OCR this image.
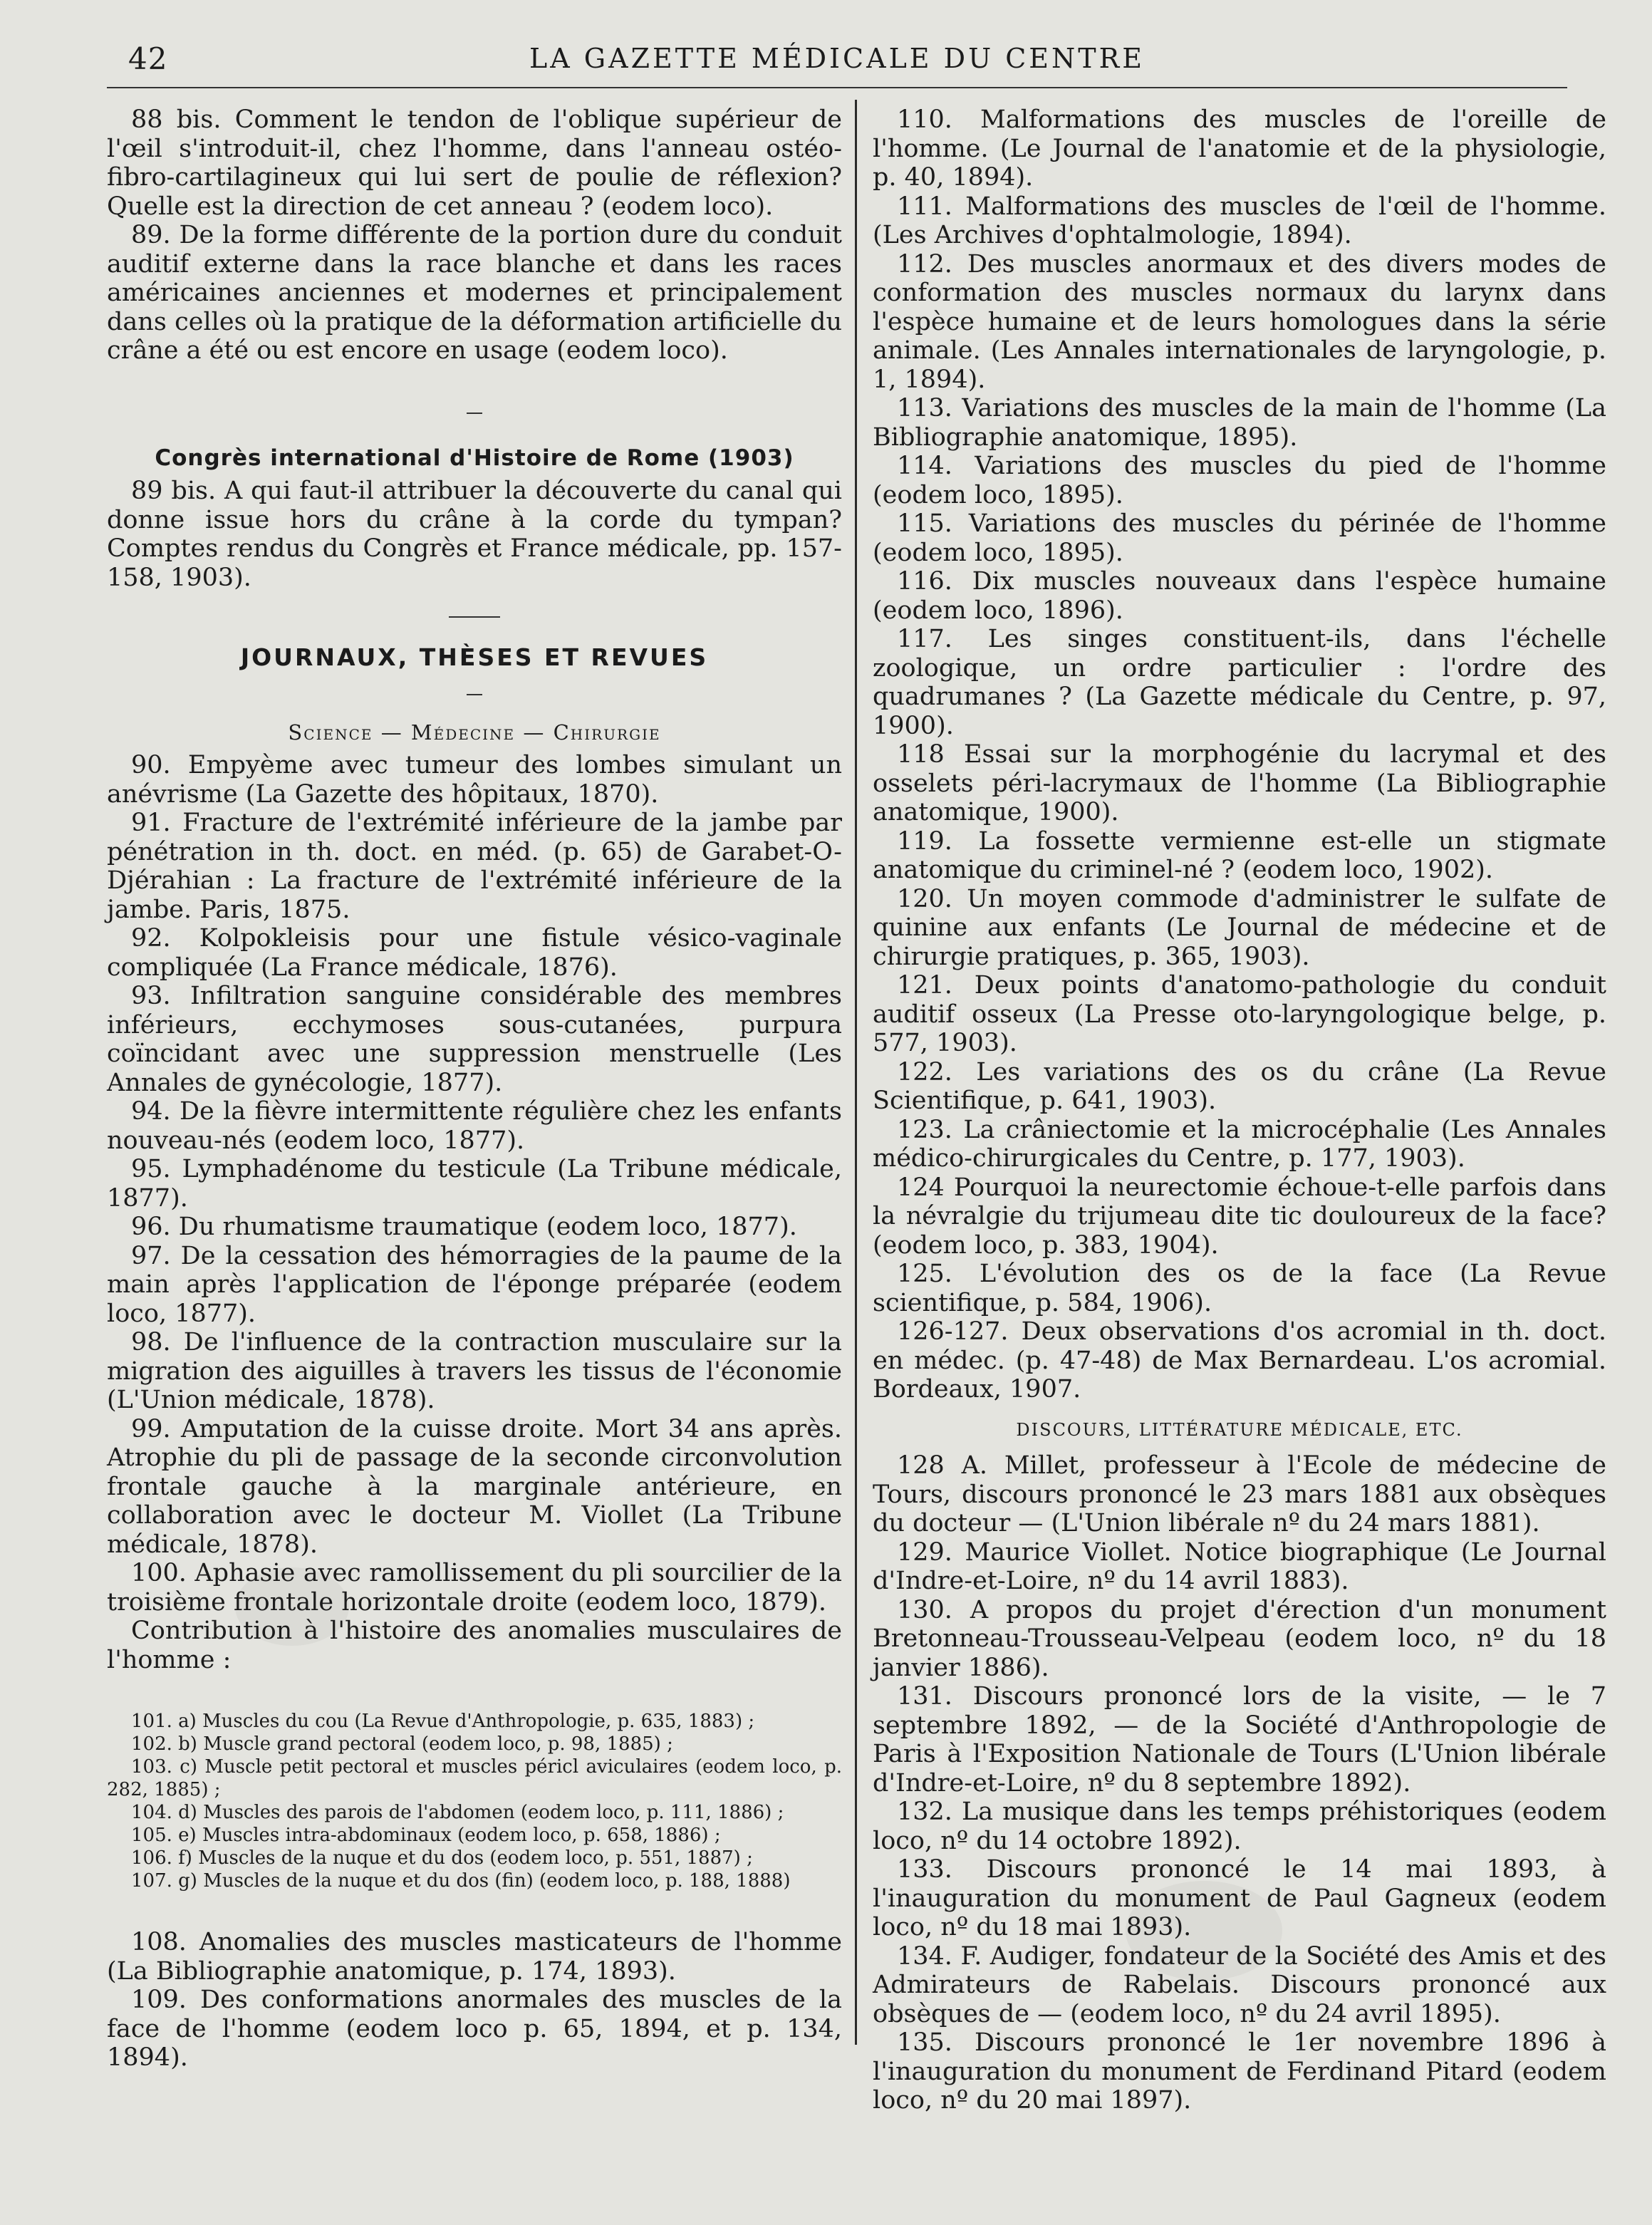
42	LA GAZETTE MÉDICALE DU CENTRE

88 bis. Comment le tendon de l'oblique supérieur de l'œil s'introduit-il, chez l'homme, dans l'anneau ostéo-fibro-cartilagineux qui lui sert de poulie de réflexion? Quelle est la direction de cet anneau ? (eodem loco).

89. De la forme différente de la portion dure du conduit auditif externe dans la race blanche et dans les races américaines anciennes et modernes et principalement dans celles où la pratique de la déformation artificielle du crâne a été ou est encore en usage (eodem loco).

Congrès international d'Histoire de Rome (1903)

89 bis. A qui faut-il attribuer la découverte du canal qui donne issue hors du crâne à la corde du tympan? Comptes rendus du Congrès et France médicale, pp. 157-158, 1903).

JOURNAUX, THÈSES ET REVUES
Science — Médecine — Chirurgie

90. Empyème avec tumeur des lombes simulant un anévrisme (La Gazette des hôpitaux, 1870).

91. Fracture de l'extrémité inférieure de la jambe par pénétration in th. doct. en méd. (p. 65) de Garabet-O-Djérahian : La fracture de l'extrémité inférieure de la jambe. Paris, 1875.

92. Kolpokleisis pour une fistule vésico-vaginale compliquée (La France médicale, 1876).

93. Infiltration sanguine considérable des membres inférieurs, ecchymoses sous-cutanées, purpura coïncidant avec une suppression menstruelle (Les Annales de gynécologie, 1877).

94. De la fièvre intermittente régulière chez les enfants nouveau-nés (eodem loco, 1877).

95. Lymphadénome du testicule (La Tribune médicale, 1877).

96. Du rhumatisme traumatique (eodem loco, 1877).

97. De la cessation des hémorragies de la paume de la main après l'application de l'éponge préparée (eodem loco, 1877).

98. De l'influence de la contraction musculaire sur la migration des aiguilles à travers les tissus de l'économie (L'Union médicale, 1878).

99. Amputation de la cuisse droite. Mort 34 ans après. Atrophie du pli de passage de la seconde circonvolution frontale gauche à la marginale antérieure, en collaboration avec le docteur M. Viollet (La Tribune médicale, 1878).

100. Aphasie avec ramollissement du pli sourcilier de la troisième frontale horizontale droite (eodem loco, 1879).

Contribution à l'histoire des anomalies musculaires de l'homme :

101. a) Muscles du cou (La Revue d'Anthropologie, p. 635, 1883) ;

102. b) Muscle grand pectoral (eodem loco, p. 98, 1885) ;

103. c) Muscle petit pectoral et muscles péricl aviculaires (eodem loco, p. 282, 1885) ;

104. d) Muscles des parois de l'abdomen (eodem loco, p. 111, 1886) ;

105. e) Muscles intra-abdominaux (eodem loco, p. 658, 1886) ;

106. f) Muscles de la nuque et du dos (eodem loco, p. 551, 1887) ;

107. g) Muscles de la nuque et du dos (fin) (eodem loco, p. 188, 1888)

108. Anomalies des muscles masticateurs de l'homme (La Bibliographie anatomique, p. 174, 1893).

109. Des conformations anormales des muscles de la face de l'homme (eodem loco p. 65, 1894, et p. 134, 1894).

110. Malformations des muscles de l'oreille de l'homme. (Le Journal de l'anatomie et de la physiologie, p. 40, 1894).

111. Malformations des muscles de l'œil de l'homme. (Les Archives d'ophtalmologie, 1894).

112. Des muscles anormaux et des divers modes de conformation des muscles normaux du larynx dans l'espèce humaine et de leurs homologues dans la série animale. (Les Annales internationales de laryngologie, p. 1, 1894).

113. Variations des muscles de la main de l'homme (La Bibliographie anatomique, 1895).

114. Variations des muscles du pied de l'homme (eodem loco, 1895).

115. Variations des muscles du périnée de l'homme (eodem loco, 1895).

116. Dix muscles nouveaux dans l'espèce humaine (eodem loco, 1896).

117. Les singes constituent-ils, dans l'échelle zoologique, un ordre particulier : l'ordre des quadrumanes ? (La Gazette médicale du Centre, p. 97, 1900).

118 Essai sur la morphogénie du lacrymal et des osselets péri-lacrymaux de l'homme (La Bibliographie anatomique, 1900).

119. La fossette vermienne est-elle un stigmate anatomique du criminel-né ? (eodem loco, 1902).

120. Un moyen commode d'administrer le sulfate de quinine aux enfants (Le Journal de médecine et de chirurgie pratiques, p. 365, 1903).

121. Deux points d'anatomo-pathologie du conduit auditif osseux (La Presse oto-laryngologique belge, p. 577, 1903).

122. Les variations des os du crâne (La Revue Scientifique, p. 641, 1903).

123. La crâniectomie et la microcéphalie (Les Annales médico-chirurgicales du Centre, p. 177, 1903).

124 Pourquoi la neurectomie échoue-t-elle parfois dans la névralgie du trijumeau dite tic douloureux de la face? (eodem loco, p. 383, 1904).

125. L'évolution des os de la face (La Revue scientifique, p. 584, 1906).

126-127. Deux observations d'os acromial in th. doct. en médec. (p. 47-48) de Max Bernardeau. L'os acromial. Bordeaux, 1907.

DISCOURS, LITTÉRATURE MÉDICALE, ETC.

128 A. Millet, professeur à l'Ecole de médecine de Tours, discours prononcé le 23 mars 1881 aux obsèques du docteur — (L'Union libérale nº du 24 mars 1881).

129. Maurice Viollet. Notice biographique (Le Journal d'Indre-et-Loire, nº du 14 avril 1883).

130. A propos du projet d'érection d'un monument Bretonneau-Trousseau-Velpeau (eodem loco, nº du 18 janvier 1886).

131. Discours prononcé lors de la visite, — le 7 septembre 1892, — de la Société d'Anthropologie de Paris à l'Exposition Nationale de Tours (L'Union libérale d'Indre-et-Loire, nº du 8 septembre 1892).

132. La musique dans les temps préhistoriques (eodem loco, nº du 14 octobre 1892).

133. Discours prononcé le 14 mai 1893, à l'inauguration du monument de Paul Gagneux (eodem loco, nº du 18 mai 1893).

134. F. Audiger, fondateur de la Société des Amis et des Admirateurs de Rabelais. Discours prononcé aux obsèques de — (eodem loco, nº du 24 avril 1895).

135. Discours prononcé le 1er novembre 1896 à l'inauguration du monument de Ferdinand Pitard (eodem loco, nº du 20 mai 1897).
